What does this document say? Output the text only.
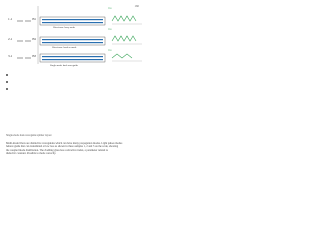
160
1.1	IN1
Waveform: lossy mode
TE0
2.1	IN2
Waveform: lossless mode
TE0
3.1	IN3
Single-mode dual-waveguide
TE0
Single-mode dual-waveguide splitter layout
Multi-mode fibers are distinctive waveguides which can have many propagation modes. Light pulses modes
behave guide that can transmitted at low loss as shown in three samples 1, 2 and 3 on the scale, showing
the coupled mode distribution. The cladding glass has a refractive index, a parameter related to
dielectric constant. Possible to mode correctly.
